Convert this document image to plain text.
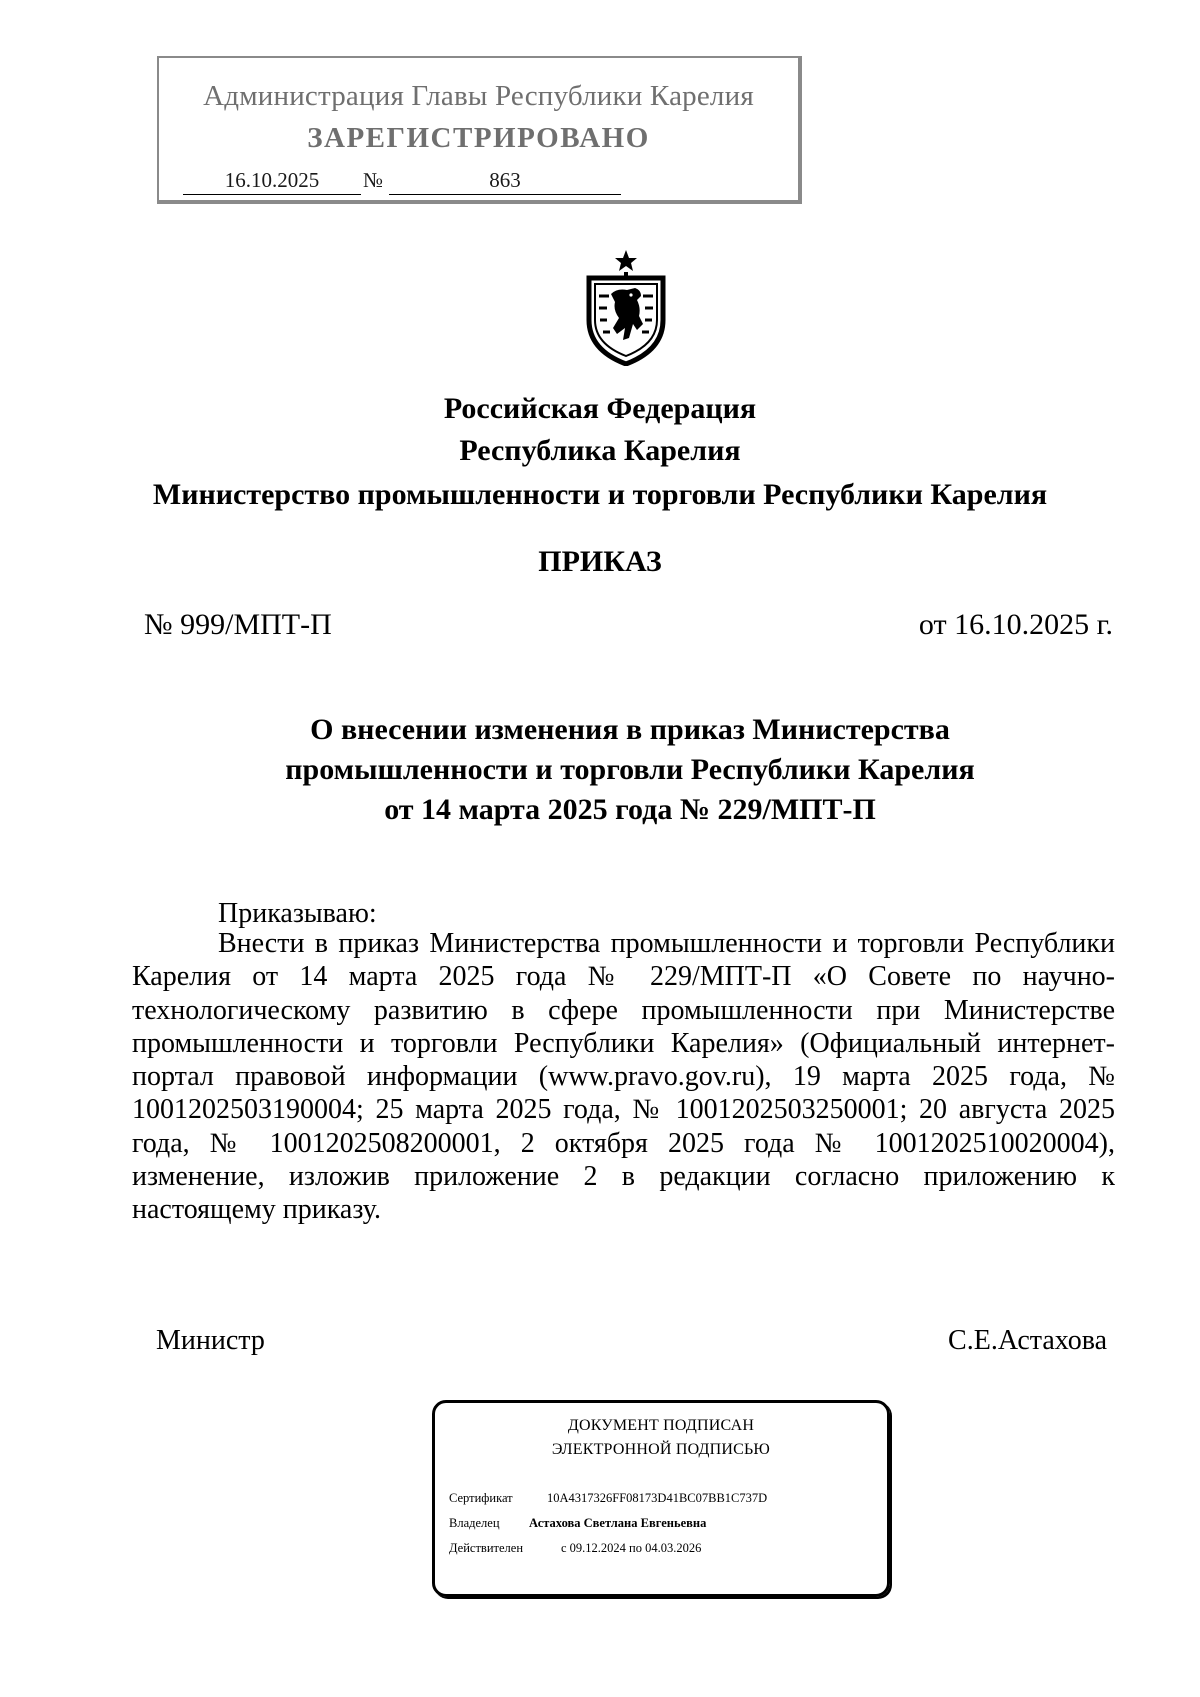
Администрация Главы Республики Карелия
ЗАРЕГИСТРИРОВАНО
16.10.2025	№	863
Российская Федерация
Республика Карелия
Министерство промышленности и торговли Республики Карелия
ПРИКАЗ
№ 999/МПТ-П	от 16.10.2025 г.
О внесении изменения в приказ Министерства
промышленности и торговли Республики Карелия
от 14 марта 2025 года № 229/МПТ-П
Приказываю:

Внести в приказ Министерства промышленности и торговли Республики Карелия от 14 марта 2025 года № 229/МПТ-П «О Совете по научно-технологическому развитию в сфере промышленности при Министерстве промышленности и торговли Республики Карелия» (Официальный интернет-портал правовой информации (www.pravo.gov.ru), 19 марта 2025 года, № 1001202503190004; 25 марта 2025 года, № 1001202503250001; 20 августа 2025 года, № 1001202508200001, 2 октября 2025 года № 1001202510020004), изменение, изложив приложение 2 в редакции согласно приложению к настоящему приказу.

Министр	С.Е.Астахова
ДОКУМЕНТ ПОДПИСАН
ЭЛЕКТРОННОЙ ПОДПИСЬЮ
Сертификат	10A4317326FF08173D41BC07BB1C737D
Владелец Астахова Светлана Евгеньевна
Действителен	с 09.12.2024 по 04.03.2026
